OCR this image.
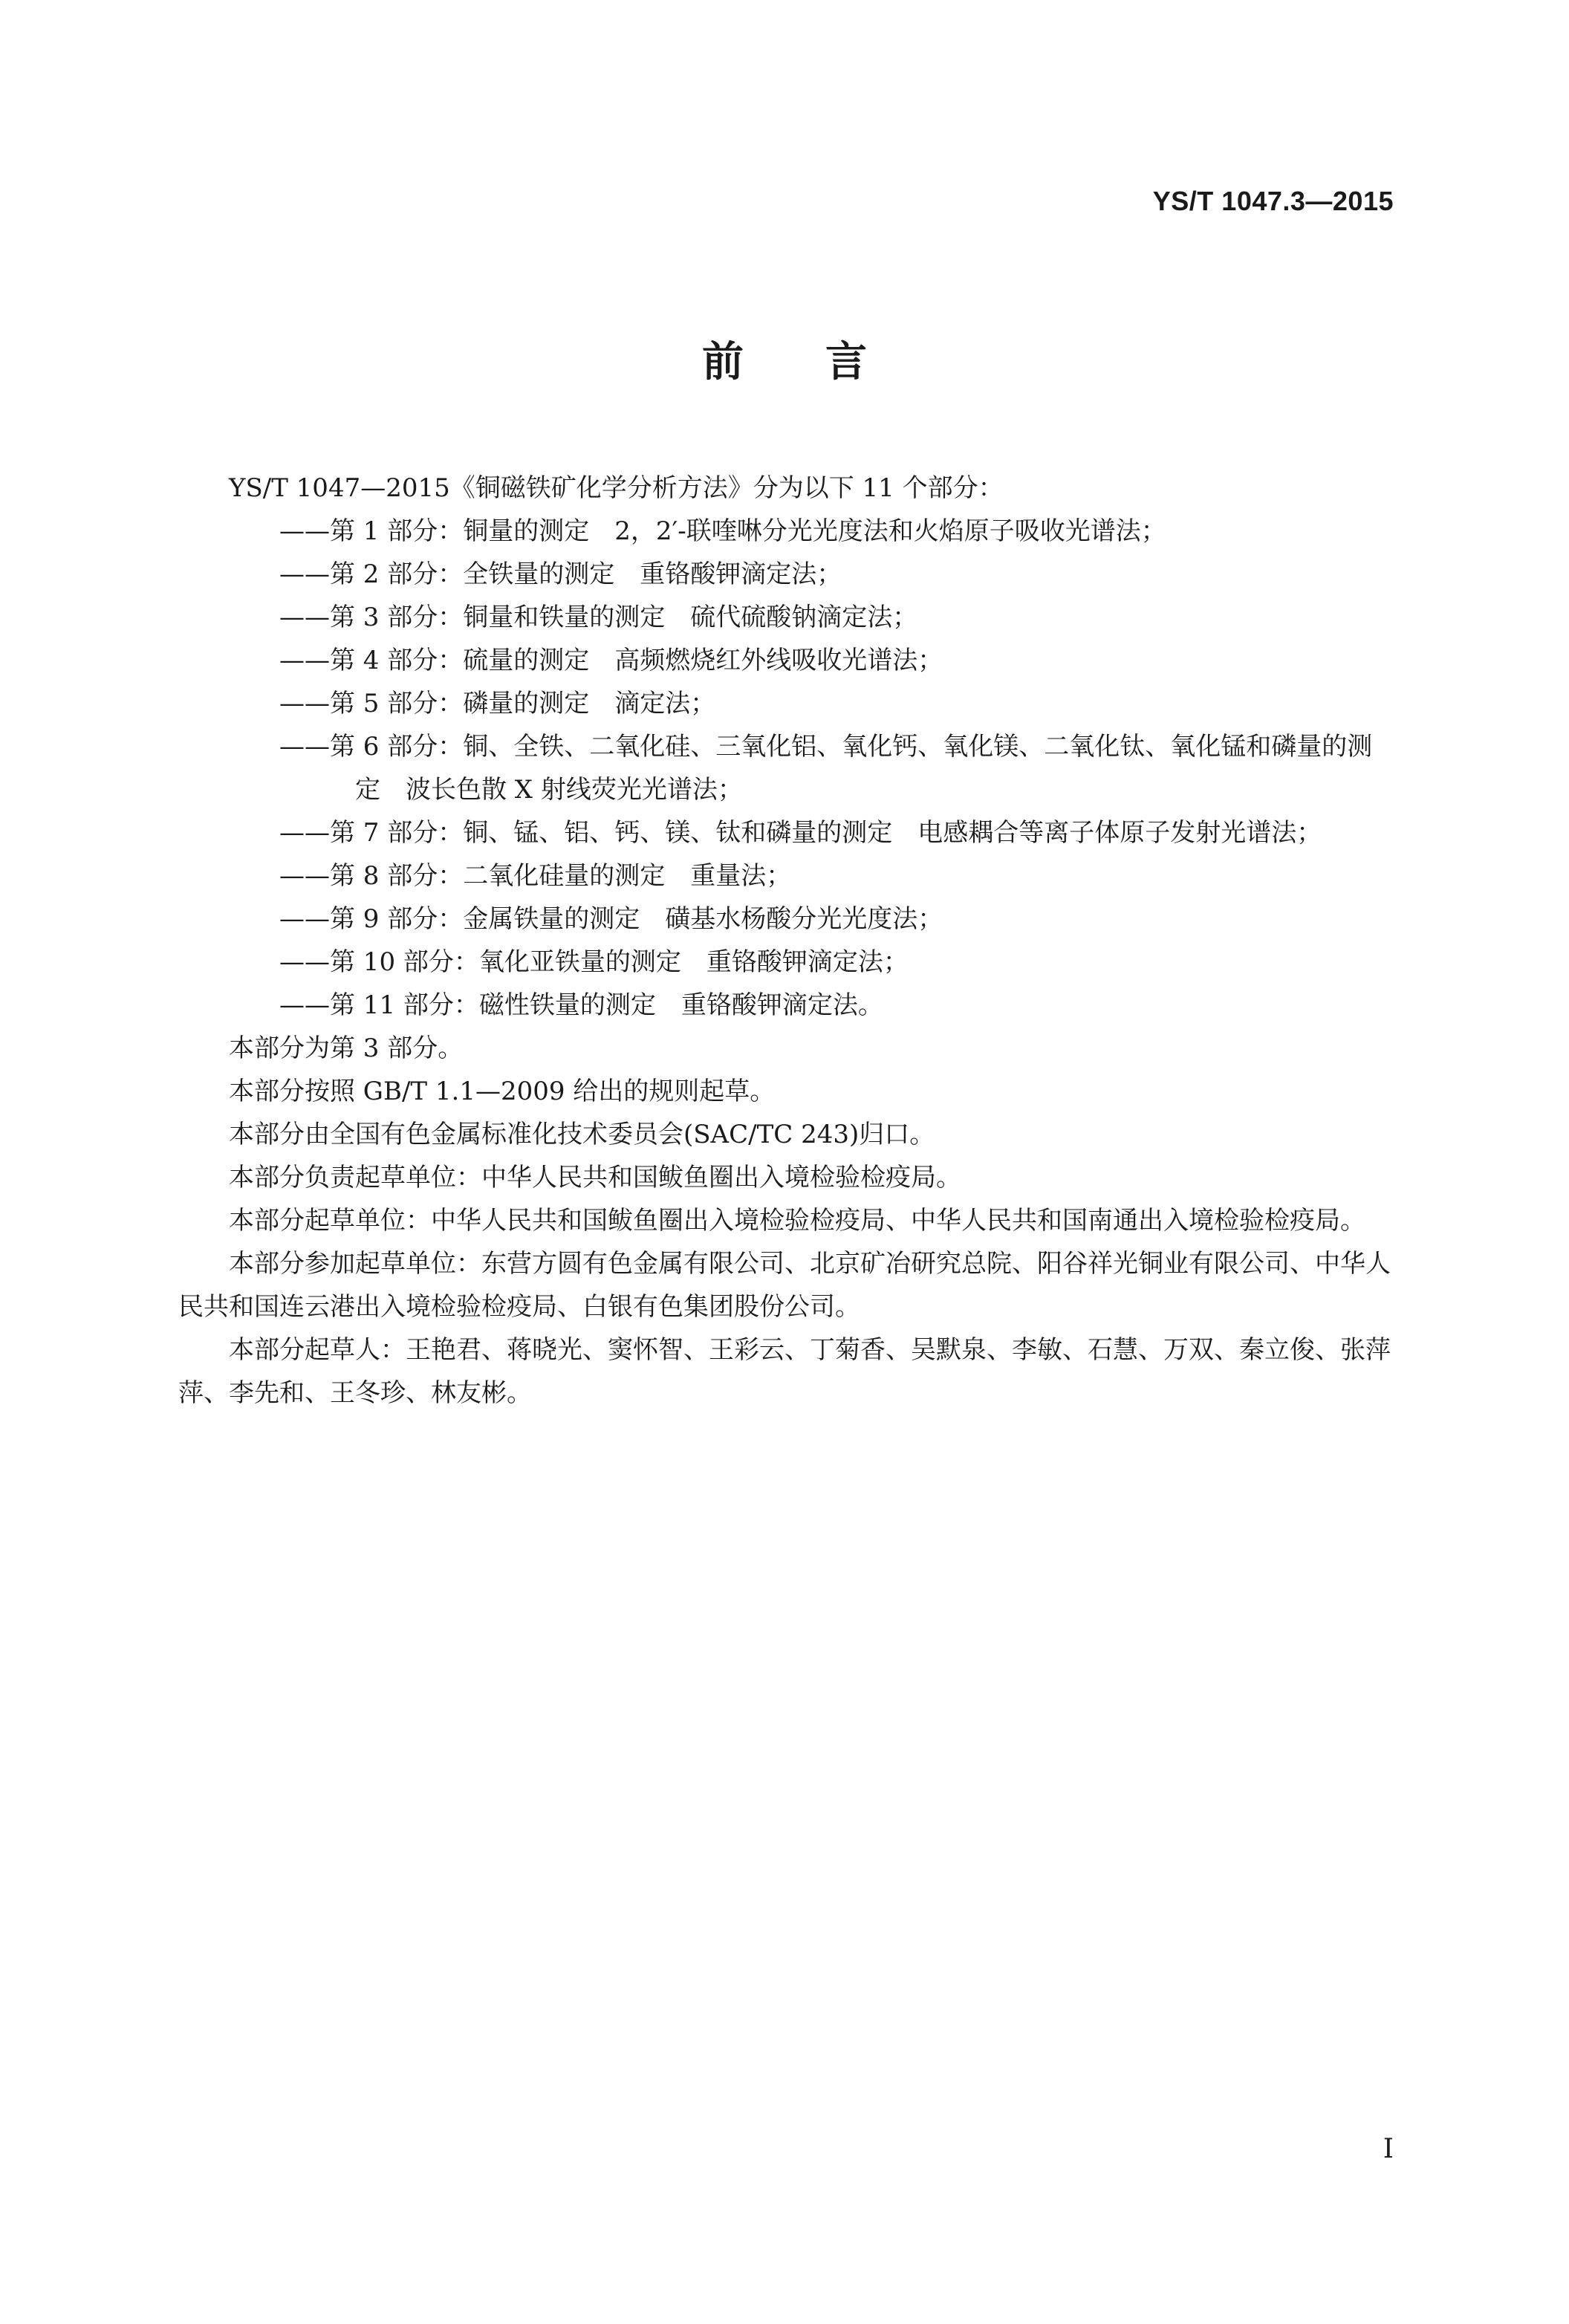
YS/T 1047.3—2015
前言

YS/T 1047—2015《铜磁铁矿化学分析方法》分为以下 11 个部分：

——第 1 部分：铜量的测定　2，2′-联喹啉分光光度法和火焰原子吸收光谱法；

——第 2 部分：全铁量的测定　重铬酸钾滴定法；

——第 3 部分：铜量和铁量的测定　硫代硫酸钠滴定法；

——第 4 部分：硫量的测定　高频燃烧红外线吸收光谱法；

——第 5 部分：磷量的测定　滴定法；

——第 6 部分：铜、全铁、二氧化硅、三氧化铝、氧化钙、氧化镁、二氧化钛、氧化锰和磷量的测定　波长色散 X 射线荧光光谱法；

——第 7 部分：铜、锰、铝、钙、镁、钛和磷量的测定　电感耦合等离子体原子发射光谱法；

——第 8 部分：二氧化硅量的测定　重量法；

——第 9 部分：金属铁量的测定　磺基水杨酸分光光度法；

——第 10 部分：氧化亚铁量的测定　重铬酸钾滴定法；

——第 11 部分：磁性铁量的测定　重铬酸钾滴定法。

本部分为第 3 部分。

本部分按照 GB/T 1.1—2009 给出的规则起草。

本部分由全国有色金属标准化技术委员会(SAC/TC 243)归口。

本部分负责起草单位：中华人民共和国鲅鱼圈出入境检验检疫局。

本部分起草单位：中华人民共和国鲅鱼圈出入境检验检疫局、中华人民共和国南通出入境检验检疫局。

本部分参加起草单位：东营方圆有色金属有限公司、北京矿冶研究总院、阳谷祥光铜业有限公司、中华人民共和国连云港出入境检验检疫局、白银有色集团股份公司。

本部分起草人：王艳君、蒋晓光、窦怀智、王彩云、丁菊香、吴默泉、李敏、石慧、万双、秦立俊、张萍萍、李先和、王冬珍、林友彬。

I
